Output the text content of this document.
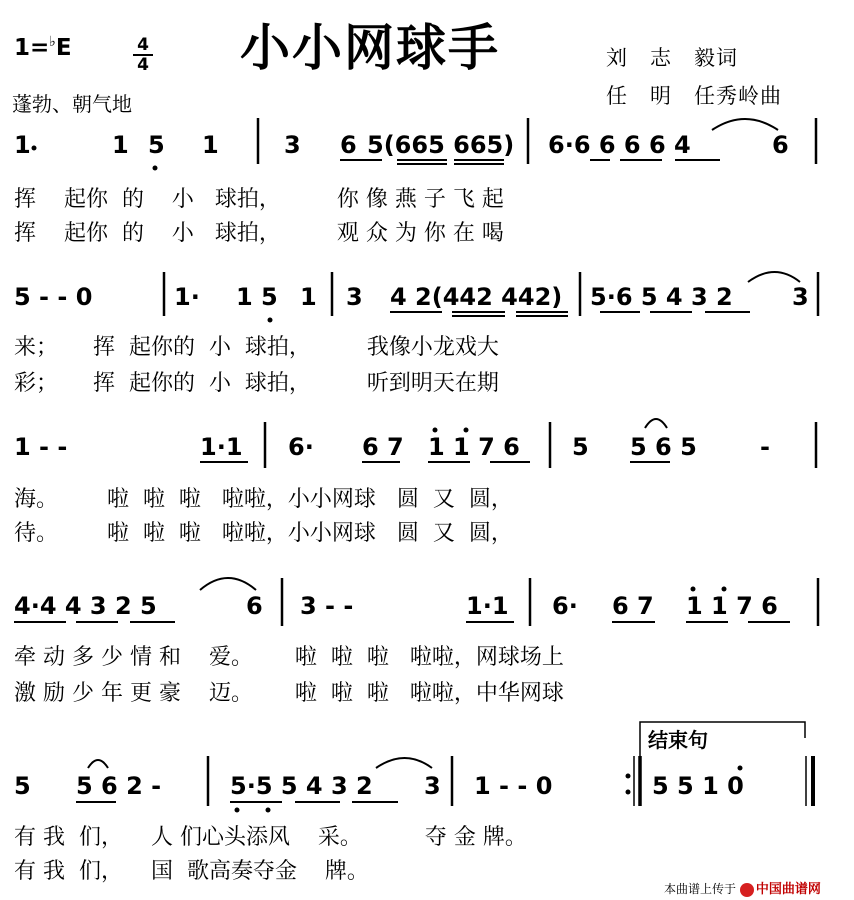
小小网球手	刘　志　毅词
任　明　任秀岭曲
1=♭E	4
4
蓬勃、朝气地
1	1 5 1	3 6 5(665 665) 6·6 6 6 6 4	6
挥    起你  的    小   球拍，        你 像 燕 子 飞 起
挥    起你  的    小   球拍，        观 众 为 你 在 喝
5 - - 0	1· 1 5 1 3 4 2(442 442) 5·6 5 4 3 2 3
来；     挥  起你的  小  球拍，        我像小龙戏大
彩；     挥  起你的  小  球拍，        听到明天在期
1 - -	1·1 6· 6 7 1 1 7 6 5 5 6 5	-
海。       啦  啦  啦   啦啦，小小网球   圆  又  圆，
待。       啦  啦  啦   啦啦，小小网球   圆  又  圆，
4·4 4 3 2 5	6 3 - -	1·1 6· 6 7 1 1 7 6
牵 动 多 少 情 和    爱。      啦  啦  啦   啦啦，网球场上
激 励 少 年 更 豪    迈。      啦  啦  啦   啦啦，中华网球
5 5 6 2 -	5·5 5 4 3 2 3 1 - - 0	5 5 1 0
结束句
有 我  们，    人 们心头添风    采。         夺 金 牌。
有 我  们，    国  歌高奏夺金    牌。
本曲谱上传于 中国曲谱网
